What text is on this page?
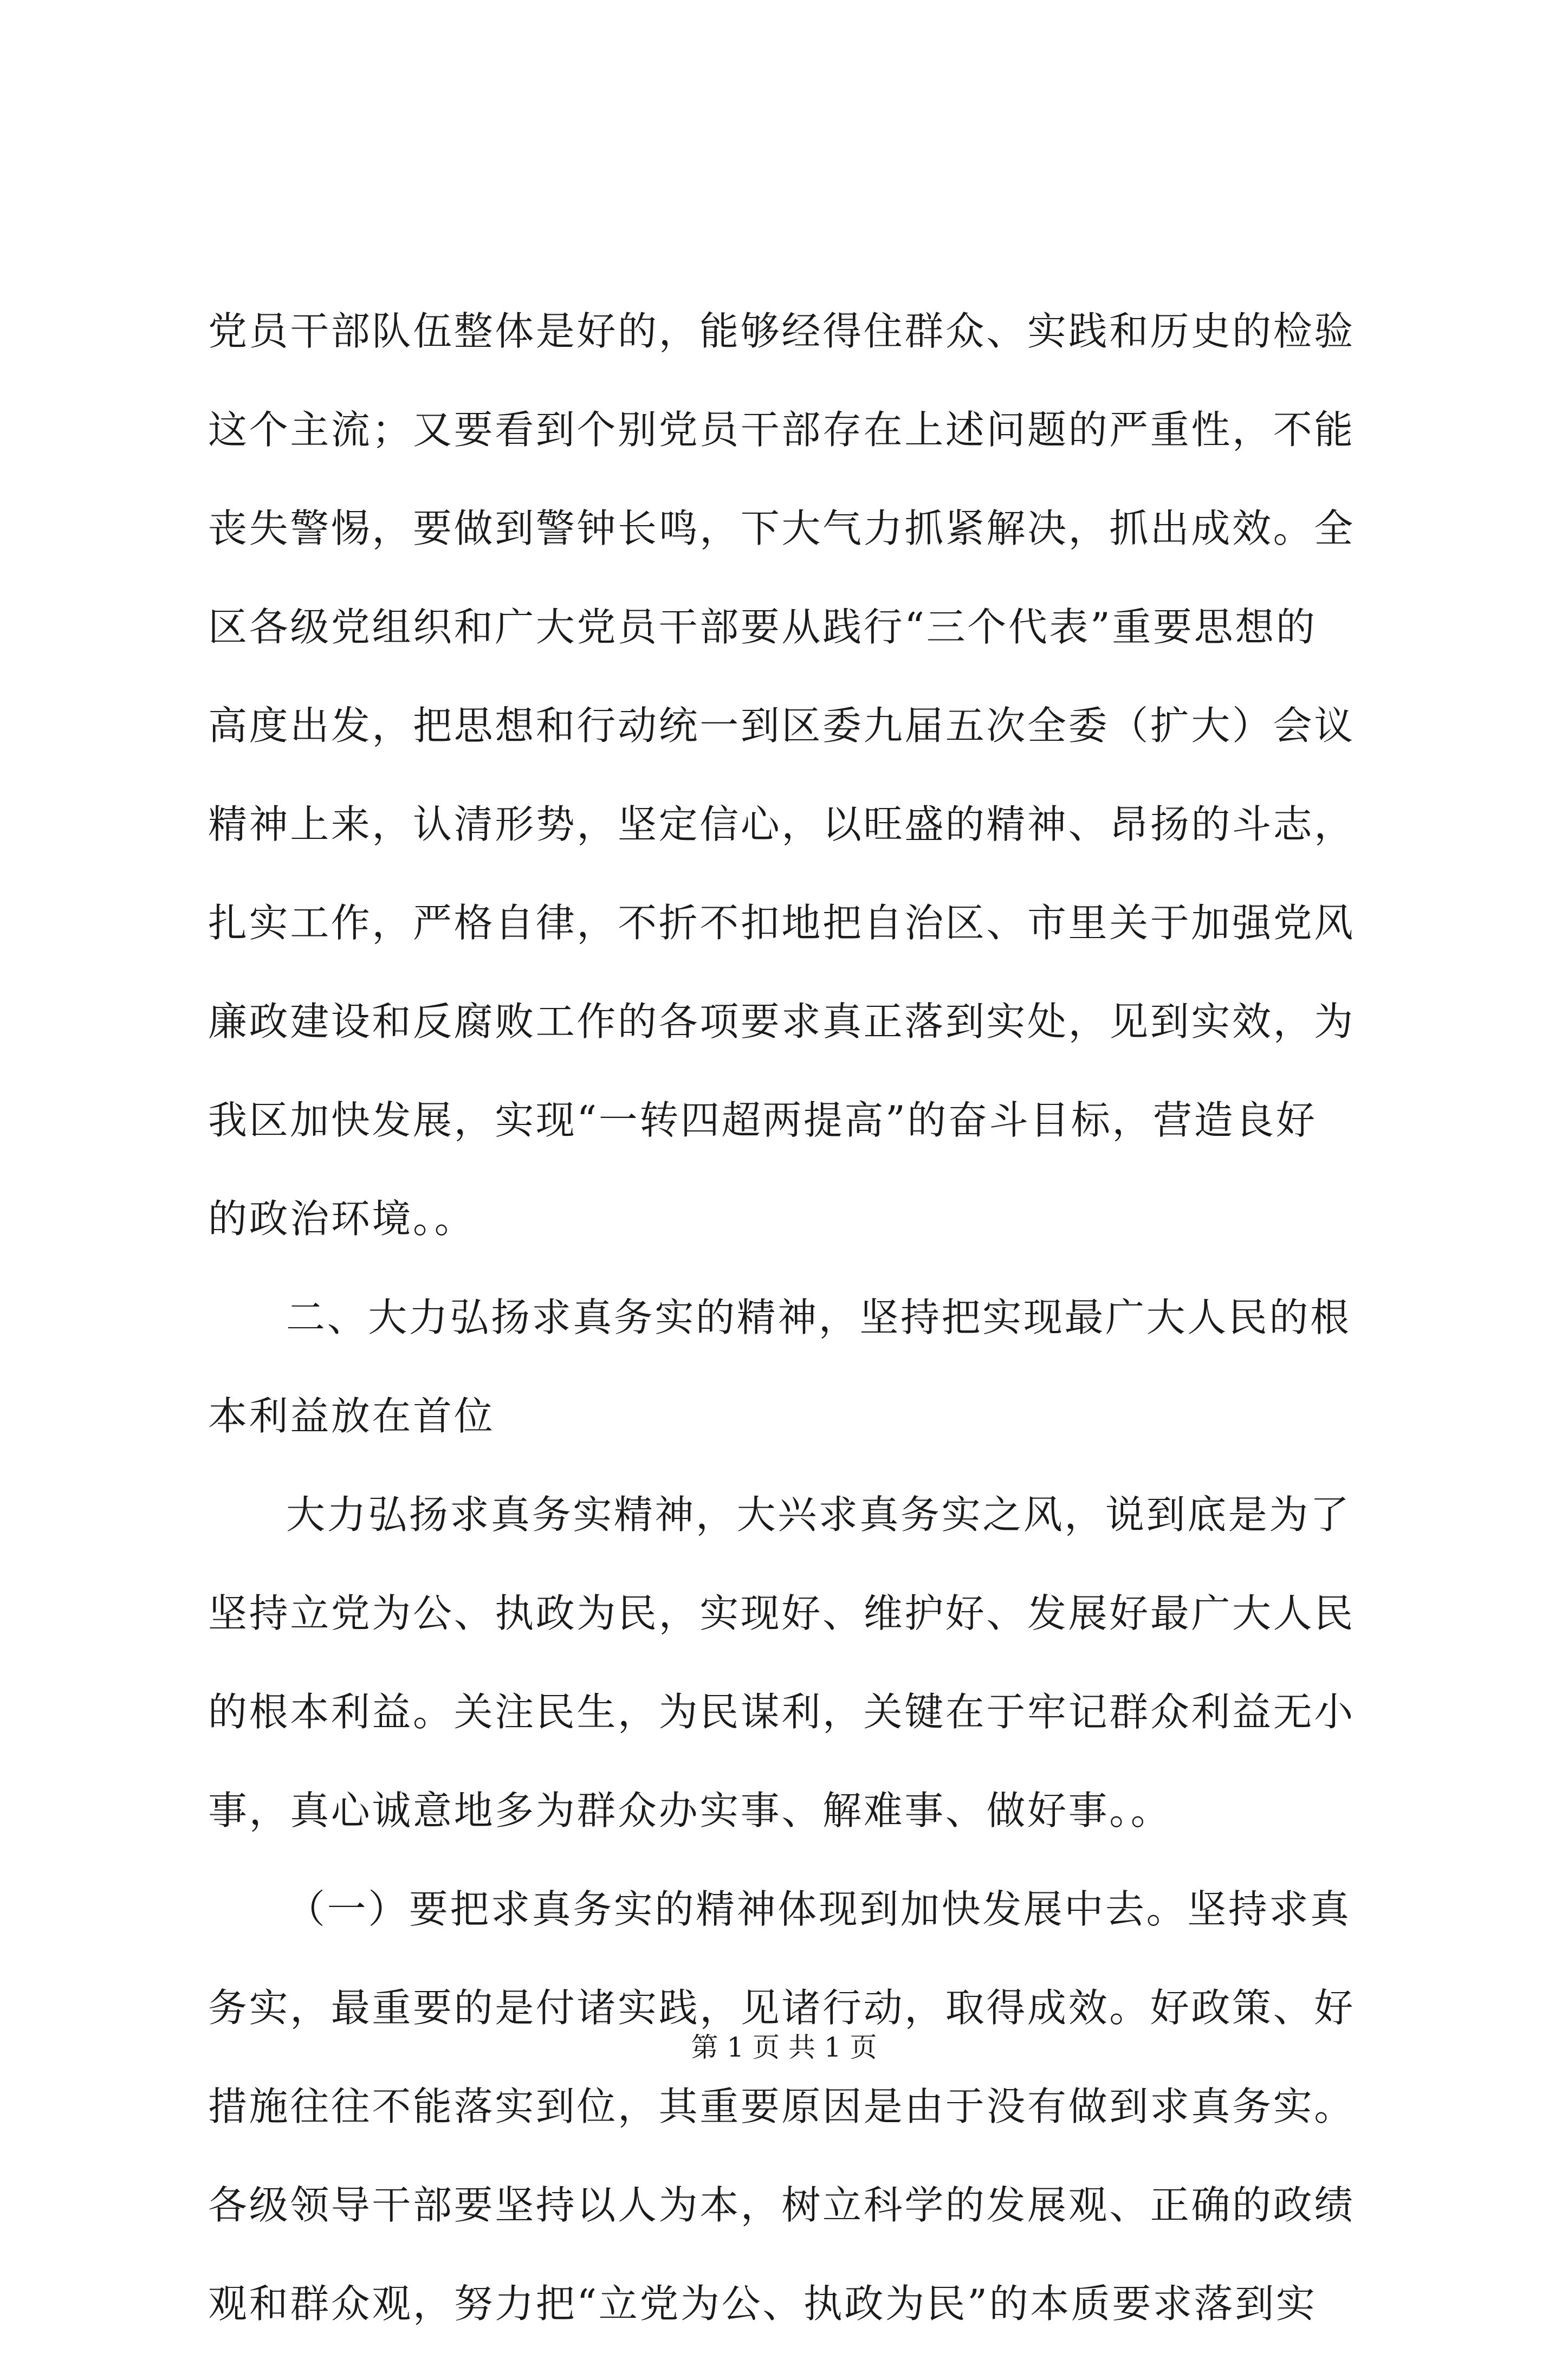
党员干部队伍整体是好的，能够经得住群众、实践和历史的检验
这个主流；又要看到个别党员干部存在上述问题的严重性，不能
丧失警惕，要做到警钟长鸣，下大气力抓紧解决，抓出成效。全
区各级党组织和广大党员干部要从践行“三个代表”重要思想的
高度出发，把思想和行动统一到区委九届五次全委（扩大）会议
精神上来，认清形势，坚定信心，以旺盛的精神、昂扬的斗志，
扎实工作，严格自律，不折不扣地把自治区、市里关于加强党风
廉政建设和反腐败工作的各项要求真正落到实处，见到实效，为
我区加快发展，实现“一转四超两提高”的奋斗目标，营造良好
的政治环境。。
二、大力弘扬求真务实的精神，坚持把实现最广大人民的根
本利益放在首位
大力弘扬求真务实精神，大兴求真务实之风，说到底是为了
坚持立党为公、执政为民，实现好、维护好、发展好最广大人民
的根本利益。关注民生，为民谋利，关键在于牢记群众利益无小
事，真心诚意地多为群众办实事、解难事、做好事。。
（一）要把求真务实的精神体现到加快发展中去。坚持求真
务实，最重要的是付诸实践，见诸行动，取得成效。好政策、好
措施往往不能落实到位，其重要原因是由于没有做到求真务实。
各级领导干部要坚持以人为本，树立科学的发展观、正确的政绩
观和群众观，努力把“立党为公、执政为民”的本质要求落到实
第 1 页 共 1 页
